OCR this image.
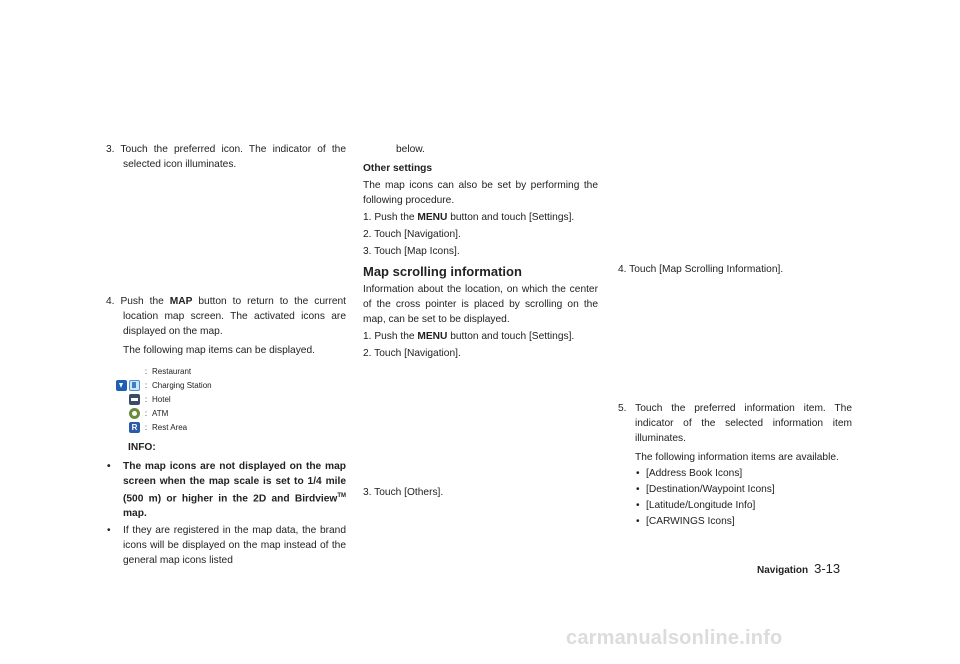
3. Touch the preferred icon. The indicator of the selected icon illuminates.

4. Push the MAP button to return to the current location map screen. The activated icons are displayed on the map.

The following map items can be displayed.

: Restaurant
: Charging Station
: Hotel
: ATM
R : Rest Area

INFO:

• The map icons are not displayed on the map screen when the map scale is set to 1/4 mile (500 m) or higher in the 2D and Birdview™ map.

• If they are registered in the map data, the brand icons will be displayed on the map instead of the general map icons listed

below.

Other settings

The map icons can also be set by performing the following procedure.

1. Push the MENU button and touch [Settings].

2. Touch [Navigation].

3. Touch [Map Icons].

Map scrolling information

Information about the location, on which the center of the cross pointer is placed by scrolling on the map, can be set to be displayed.

1. Push the MENU button and touch [Settings].

2. Touch [Navigation].

3. Touch [Others].

4. Touch [Map Scrolling Information].

5. Touch the preferred information item. The indicator of the selected information item illuminates.

The following information items are available.

• [Address Book Icons]

• [Destination/Waypoint Icons]

• [Latitude/Longitude Info]

• [CARWINGS Icons]

Navigation 3-13
carmanualsonline.info
